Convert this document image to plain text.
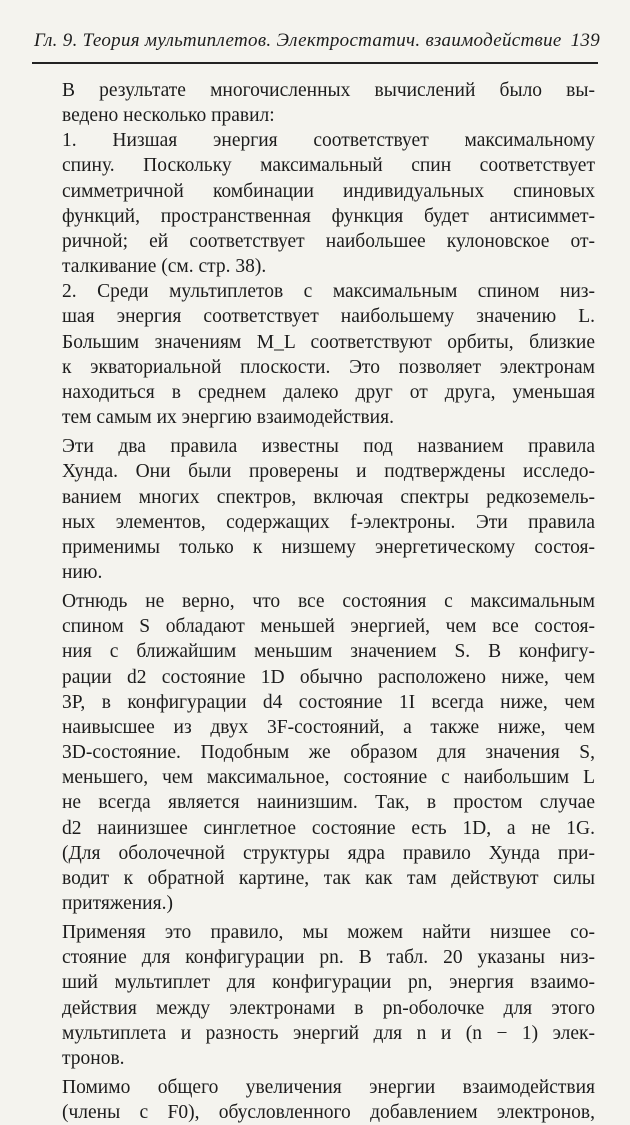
Гл. 9. Теория мультиплетов. Электростатич. взаимодействие 139
В результате многочисленных вычислений было вы-
ведено несколько правил:
1. Низшая энергия соответствует максимальному
спину. Поскольку максимальный спин соответствует
симметричной комбинации индивидуальных спиновых
функций, пространственная функция будет антисиммет-
ричной; ей соответствует наибольшее кулоновское от-
талкивание (см. стр. 38).
2. Среди мультиплетов с максимальным спином низ-
шая энергия соответствует наибольшему значению L.
Большим значениям M_L соответствуют орбиты, близкие
к экваториальной плоскости. Это позволяет электронам
находиться в среднем далеко друг от друга, уменьшая
тем самым их энергию взаимодействия.
Эти два правила известны под названием правила
Хунда. Они были проверены и подтверждены исследо-
ванием многих спектров, включая спектры редкоземель-
ных элементов, содержащих f-электроны. Эти правила
применимы только к низшему энергетическому состоя-
нию.
Отнюдь не верно, что все состояния с максимальным
спином S обладают меньшей энергией, чем все состоя-
ния с ближайшим меньшим значением S. В конфигу-
рации d2 состояние 1D обычно расположено ниже, чем
3P, в конфигурации d4 состояние 1I всегда ниже, чем
наивысшее из двух 3F-состояний, а также ниже, чем
3D-состояние. Подобным же образом для значения S,
меньшего, чем максимальное, состояние с наибольшим L
не всегда является наинизшим. Так, в простом случае
d2 наинизшее синглетное состояние есть 1D, а не 1G.
(Для оболочечной структуры ядра правило Хунда при-
водит к обратной картине, так как там действуют силы
притяжения.)
Применяя это правило, мы можем найти низшее со-
стояние для конфигурации pn. В табл. 20 указаны низ-
ший мультиплет для конфигурации pn, энергия взаимо-
действия между электронами в pn-оболочке для этого
мультиплета и разность энергий для n и (n − 1) элек-
тронов.
Помимо общего увеличения энергии взаимодействия
(члены с F0), обусловленного добавлением электронов,
